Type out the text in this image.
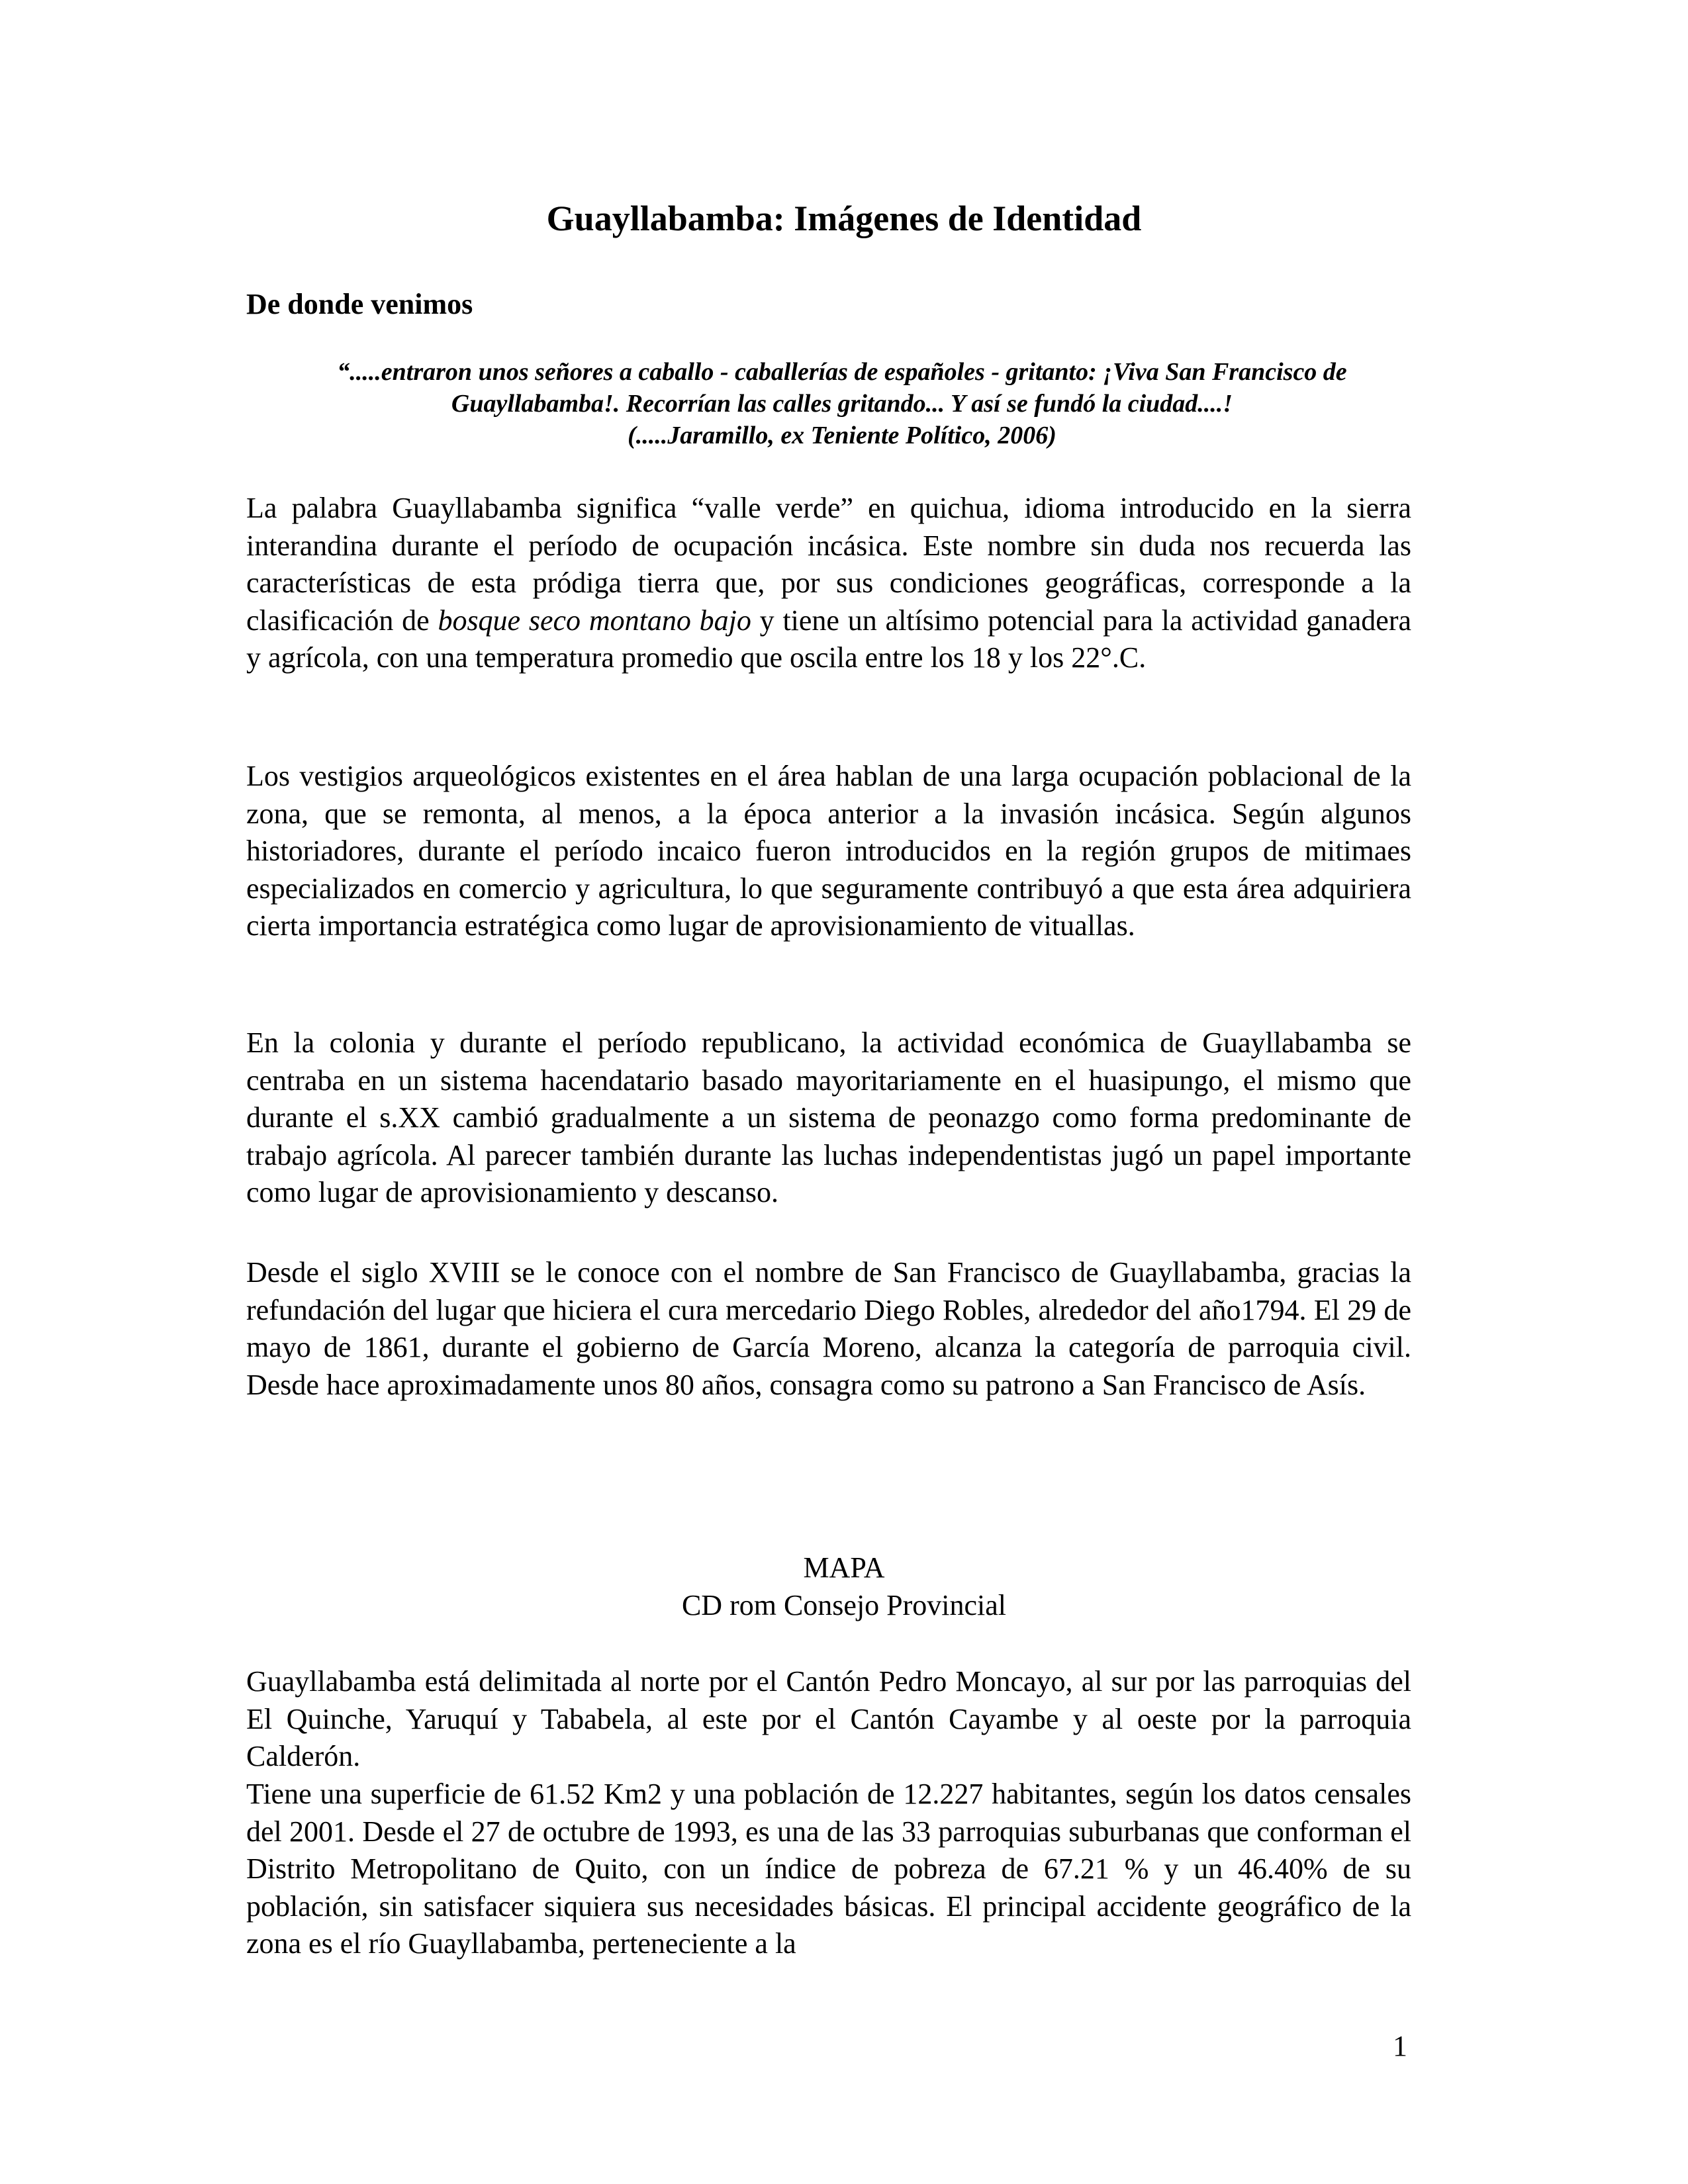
Guayllabamba: Imágenes de Identidad
De donde venimos
“.....entraron unos señores a caballo - caballerías de españoles - gritanto: ¡Viva San Francisco de
Guayllabamba!. Recorrían las calles gritando... Y así se fundó la ciudad....!
(.....Jaramillo, ex Teniente Político, 2006)

La palabra Guayllabamba significa “valle verde” en quichua, idioma introducido en la sierra interandina durante el período de ocupación incásica. Este nombre sin duda nos recuerda las características de esta pródiga tierra que, por sus condiciones geográficas, corresponde a la clasificación de bosque seco montano bajo y tiene un altísimo potencial para la actividad ganadera y agrícola, con una temperatura promedio que oscila entre los 18 y los 22°.C.

Los vestigios arqueológicos existentes en el área hablan de una larga ocupación poblacional de la zona, que se remonta, al menos, a la época anterior a la invasión incásica. Según algunos historiadores, durante el período incaico fueron introducidos en la región grupos de mitimaes especializados en comercio y agricultura, lo que seguramente contribuyó a que esta área adquiriera cierta importancia estratégica como lugar de aprovisionamiento de vituallas.

En la colonia y durante el período republicano, la actividad económica de Guayllabamba se centraba en un sistema hacendatario basado mayoritariamente en el huasipungo, el mismo que durante el s.XX cambió gradualmente a un sistema de peonazgo como forma predominante de trabajo agrícola. Al parecer también durante las luchas independentistas jugó un papel importante como lugar de aprovisionamiento y descanso.

Desde el siglo XVIII se le conoce con el nombre de San Francisco de Guayllabamba, gracias la refundación del lugar que hiciera el cura mercedario Diego Robles, alrededor del año1794. El 29 de mayo de 1861, durante el gobierno de García Moreno, alcanza la categoría de parroquia civil. Desde hace aproximadamente unos 80 años, consagra como su patrono a San Francisco de Asís.

MAPA
CD rom Consejo Provincial

Guayllabamba está delimitada al norte por el Cantón Pedro Moncayo, al sur por las parroquias del El Quinche, Yaruquí y Tababela, al este por el Cantón Cayambe y al oeste por la parroquia Calderón.

Tiene una superficie de 61.52 Km2 y una población de 12.227 habitantes, según los datos censales del 2001. Desde el 27 de octubre de 1993, es una de las 33 parroquias suburbanas que conforman el Distrito Metropolitano de Quito, con un índice de pobreza de 67.21 % y un 46.40% de su población, sin satisfacer siquiera sus necesidades básicas. El principal accidente geográfico de la zona es el río Guayllabamba, perteneciente a la

1
